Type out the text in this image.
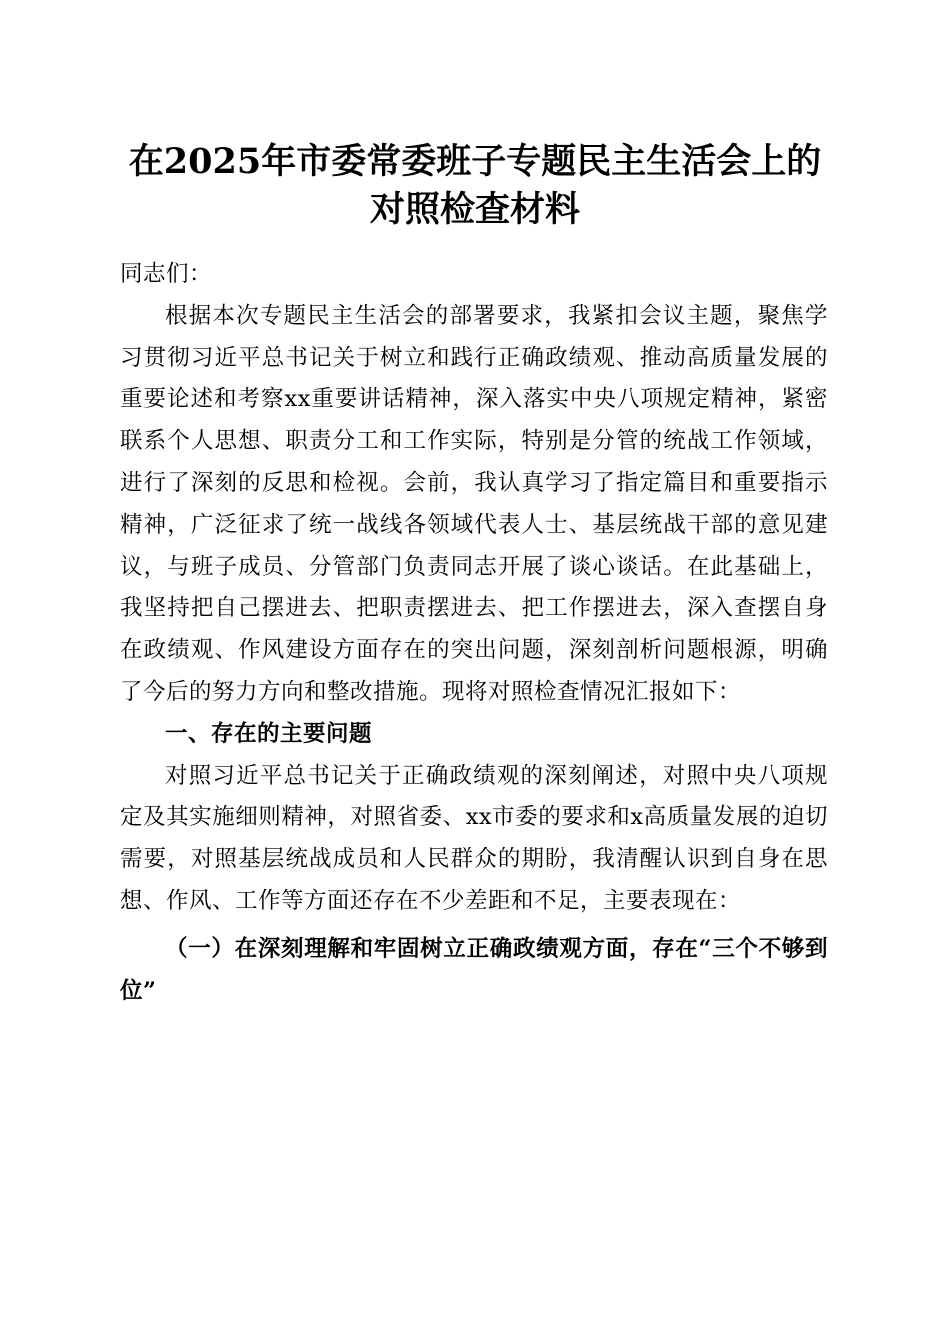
在2025年市委常委班子专题民主生活会上的
对照检查材料

同志们：

根据本次专题民主生活会的部署要求，我紧扣会议主题，聚焦学习贯彻习近平总书记关于树立和践行正确政绩观、推动高质量发展的重要论述和考察xx重要讲话精神，深入落实中央八项规定精神，紧密联系个人思想、职责分工和工作实际，特别是分管的统战工作领域，进行了深刻的反思和检视。会前，我认真学习了指定篇目和重要指示精神，广泛征求了统一战线各领域代表人士、基层统战干部的意见建议，与班子成员、分管部门负责同志开展了谈心谈话。在此基础上，我坚持把自己摆进去、把职责摆进去、把工作摆进去，深入查摆自身在政绩观、作风建设方面存在的突出问题，深刻剖析问题根源，明确了今后的努力方向和整改措施。现将对照检查情况汇报如下：

一、存在的主要问题

对照习近平总书记关于正确政绩观的深刻阐述，对照中央八项规定及其实施细则精神，对照省委、xx市委的要求和x高质量发展的迫切需要，对照基层统战成员和人民群众的期盼，我清醒认识到自身在思想、作风、工作等方面还存在不少差距和不足，主要表现在：

（一）在深刻理解和牢固树立正确政绩观方面，存在“三个不够到位”
